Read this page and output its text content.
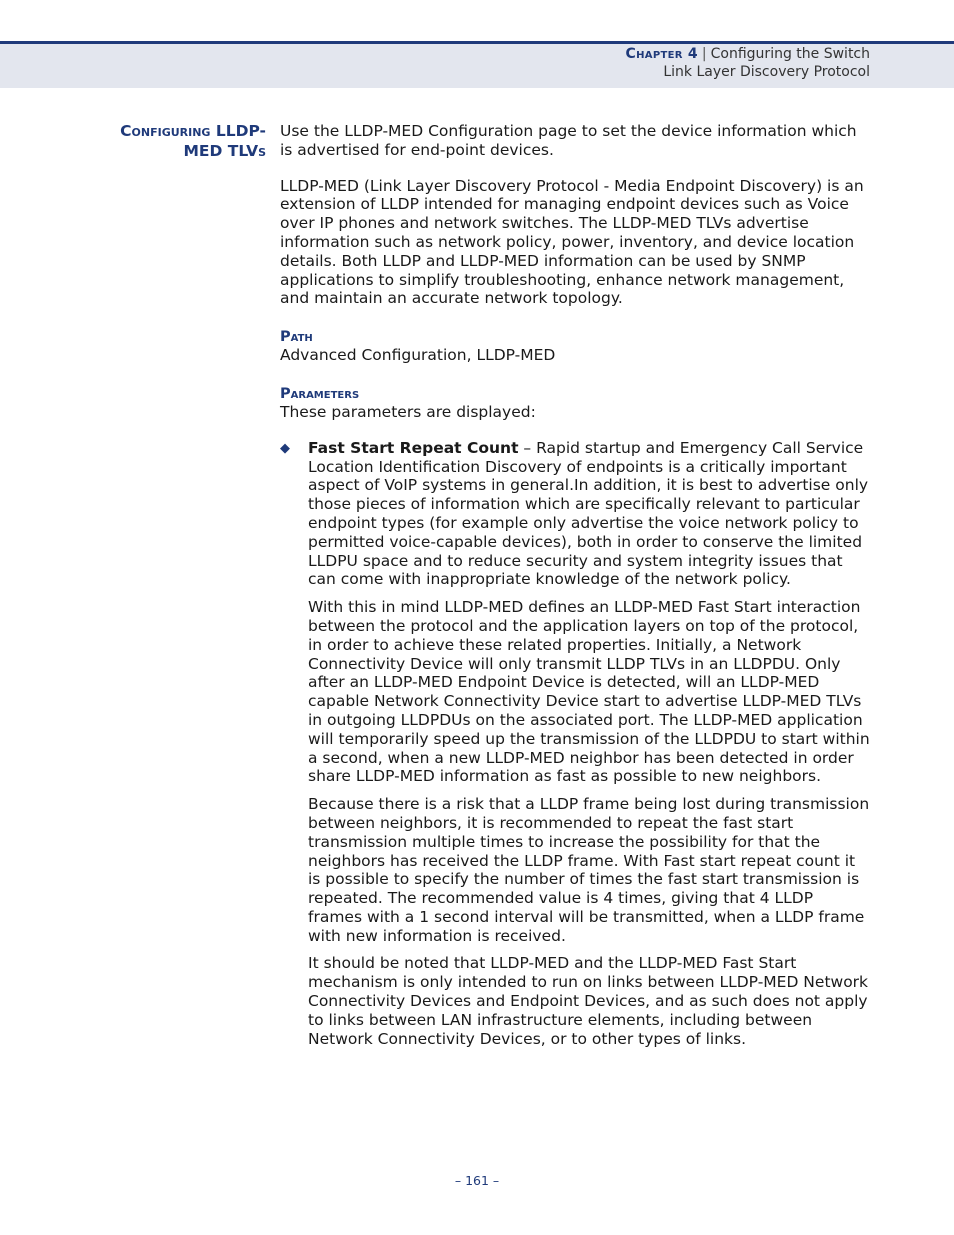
Chapter 4 | Configuring the Switch
Link Layer Discovery Protocol
Configuring LLDP-
MED TLVs

Use the LLDP-MED Configuration page to set the device information which is advertised for end-point devices.

LLDP-MED (Link Layer Discovery Protocol - Media Endpoint Discovery) is an extension of LLDP intended for managing endpoint devices such as Voice over IP phones and network switches. The LLDP-MED TLVs advertise information such as network policy, power, inventory, and device location details. Both LLDP and LLDP-MED information can be used by SNMP applications to simplify troubleshooting, enhance network management, and maintain an accurate network topology.

Path

Advanced Configuration, LLDP-MED

Parameters

These parameters are displayed:

◆ Fast Start Repeat Count – Rapid startup and Emergency Call Service Location Identification Discovery of endpoints is a critically important aspect of VoIP systems in general.In addition, it is best to advertise only those pieces of information which are specifically relevant to particular endpoint types (for example only advertise the voice network policy to permitted voice-capable devices), both in order to conserve the limited LLDPU space and to reduce security and system integrity issues that can come with inappropriate knowledge of the network policy.

With this in mind LLDP-MED defines an LLDP-MED Fast Start interaction between the protocol and the application layers on top of the protocol, in order to achieve these related properties. Initially, a Network Connectivity Device will only transmit LLDP TLVs in an LLDPDU. Only after an LLDP-MED Endpoint Device is detected, will an LLDP-MED capable Network Connectivity Device start to advertise LLDP-MED TLVs in outgoing LLDPDUs on the associated port. The LLDP-MED application will temporarily speed up the transmission of the LLDPDU to start within a second, when a new LLDP-MED neighbor has been detected in order share LLDP-MED information as fast as possible to new neighbors.

Because there is a risk that a LLDP frame being lost during transmission between neighbors, it is recommended to repeat the fast start transmission multiple times to increase the possibility for that the neighbors has received the LLDP frame. With Fast start repeat count it is possible to specify the number of times the fast start transmission is repeated. The recommended value is 4 times, giving that 4 LLDP frames with a 1 second interval will be transmitted, when a LLDP frame with new information is received.

It should be noted that LLDP-MED and the LLDP-MED Fast Start mechanism is only intended to run on links between LLDP-MED Network Connectivity Devices and Endpoint Devices, and as such does not apply to links between LAN infrastructure elements, including between Network Connectivity Devices, or to other types of links.

– 161 –
